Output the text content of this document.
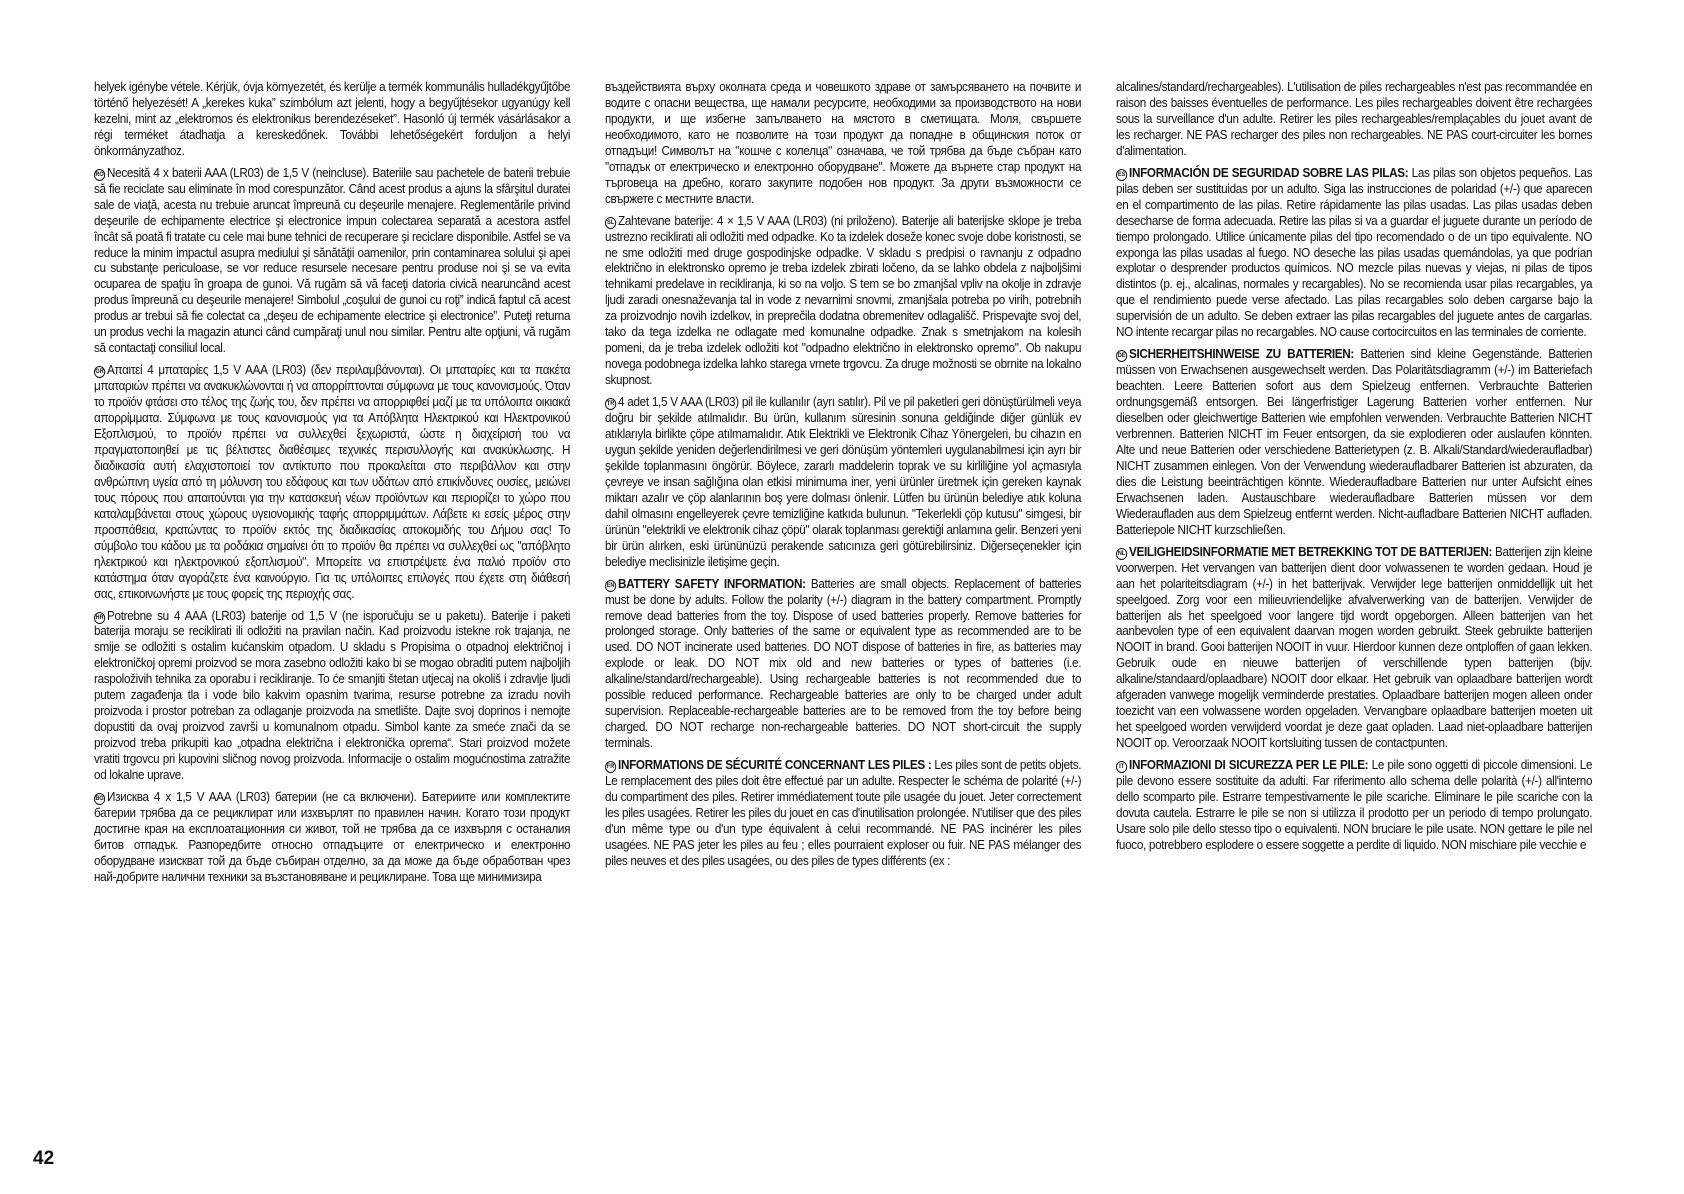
helyek igénybe vétele. Kérjük, óvja környezetét, és kerülje a termék kommunális hulladékgyűjtőbe történő helyezését! A „kerekes kuka” szimbólum azt jelenti, hogy a begyűjtésekor ugyanúgy kell kezelni, mint az „elektromos és elektronikus berendezéseket”. Hasonló új termék vásárlásakor a régi terméket átadhatja a kereskedőnek. További lehetőségekért forduljon a helyi önkormányzathoz.

RO Necesită 4 x baterii AAA (LR03) de 1,5 V (neincluse). Bateriile sau pachetele de baterii trebuie să fie reciclate sau eliminate în mod corespunzător. Când acest produs a ajuns la sfârşitul duratei sale de viaţă, acesta nu trebuie aruncat împreună cu deşeurile menajere. Reglementările privind deşeurile de echipamente electrice şi electronice impun colectarea separată a acestora astfel încât să poată fi tratate cu cele mai bune tehnici de recuperare şi reciclare disponibile. Astfel se va reduce la minim impactul asupra mediului şi sănătăţii oamenilor, prin contaminarea solului şi apei cu substanţe periculoase, se vor reduce resursele necesare pentru produse noi şi se va evita ocuparea de spaţiu în groapa de gunoi. Vă rugăm să vă faceţi datoria civică nearuncând acest produs împreună cu deşeurile menajere! Simbolul „coşului de gunoi cu roţi” indică faptul că acest produs ar trebui să fie colectat ca „deşeu de echipamente electrice şi electronice”. Puteţi returna un produs vechi la magazin atunci când cumpăraţi unul nou similar. Pentru alte opţiuni, vă rugăm să contactaţi consiliul local.

GR Απαιτεί 4 μπαταρίες 1,5 V AAA (LR03) (δεν περιλαμβάνονται). Οι μπαταρίες και τα πακέτα μπαταριών πρέπει να ανακυκλώνονται ή να απορρίπτονται σύμφωνα με τους κανονισμούς. Όταν το προϊόν φτάσει στο τέλος της ζωής του, δεν πρέπει να απορριφθεί μαζί με τα υπόλοιπα οικιακά απορρίμματα. Σύμφωνα με τους κανονισμούς για τα Απόβλητα Ηλεκτρικού και Ηλεκτρονικού Εξοπλισμού, το προϊόν πρέπει να συλλεχθεί ξεχωριστά, ώστε η διαχείρισή του να πραγματοποιηθεί με τις βέλτιστες διαθέσιμες τεχνικές περισυλλογής και ανακύκλωσης. Η διαδικασία αυτή ελαχιστοποιεί τον αντίκτυπο που προκαλείται στο περιβάλλον και στην ανθρώπινη υγεία από τη μόλυνση του εδάφους και των υδάτων από επικίνδυνες ουσίες, μειώνει τους πόρους που απαιτούνται για την κατασκευή νέων προϊόντων και περιορίζει το χώρο που καταλαμβάνεται στους χώρους υγειονομικής ταφής απορριμμάτων. Λάβετε κι εσείς μέρος στην προσπάθεια, κρατώντας το προϊόν εκτός της διαδικασίας αποκομιδής του Δήμου σας! Το σύμβολο του κάδου με τα ροδάκια σημαίνει ότι το προϊόν θα πρέπει να συλλεχθεί ως "απόβλητο ηλεκτρικού και ηλεκτρονικού εξοπλισμού". Μπορείτε να επιστρέψετε ένα παλιό προϊόν στο κατάστημα όταν αγοράζετε ένα καινούργιο. Για τις υπόλοιπες επιλογές που έχετε στη διάθεσή σας, επικοινωνήστε με τους φορείς της περιοχής σας.

HR Potrebne su 4 AAA (LR03) baterije od 1,5 V (ne isporučuju se u paketu). Baterije i paketi baterija moraju se reciklirati ili odložiti na pravilan način. Kad proizvodu istekne rok trajanja, ne smije se odložiti s ostalim kućanskim otpadom. U skladu s Propisima o otpadnoj električnoj i elektroničkoj opremi proizvod se mora zasebno odložiti kako bi se mogao obraditi putem najboljih raspoloživih tehnika za oporabu i recikliranje. To će smanjiti štetan utjecaj na okoliš i zdravlje ljudi putem zagađenja tla i vode bilo kakvim opasnim tvarima, resurse potrebne za izradu novih proizvoda i prostor potreban za odlaganje proizvoda na smetlište. Dajte svoj doprinos i nemojte dopustiti da ovaj proizvod završi u komunalnom otpadu. Simbol kante za smeće znači da se proizvod treba prikupiti kao „otpadna električna i elektronička oprema“. Stari proizvod možete vratiti trgovcu pri kupovini sličnog novog proizvoda. Informacije o ostalim mogućnostima zatražite od lokalne uprave.

BG Изисква 4 x 1,5 V AAA (LR03) батерии (не са включени). Батериите или комплектите батерии трябва да се рециклират или изхвърлят по правилен начин. Когато този продукт достигне края на експлоатационния си живот, той не трябва да се изхвърля с останалия битов отпадък. Разпоредбите относно отпадъците от електрическо и електронно оборудване изискват той да бъде събиран отделно, за да може да бъде обработван чрез най-добрите налични техники за възстановяване и рециклиране. Това ще минимизира

въздействията върху околната среда и човешкото здраве от замърсяването на почвите и водите с опасни вещества, ще намали ресурсите, необходими за производството на нови продукти, и ще избегне запълването на мястото в сметищата. Моля, свършете необходимото, като не позволите на този продукт да попадне в общинския поток от отпадъци! Символът на "кошче с колелца" означава, че той трябва да бъде събран като "отпадък от електрическо и електронно оборудване". Можете да върнете стар продукт на търговеца на дребно, когато закупите подобен нов продукт. За други възможности се свържете с местните власти.

SL Zahtevane baterije: 4 × 1,5 V AAA (LR03) (ni priloženo). Baterije ali baterijske sklope je treba ustrezno reciklirati ali odložiti med odpadke. Ko ta izdelek doseže konec svoje dobe koristnosti, se ne sme odložiti med druge gospodinjske odpadke. V skladu s predpisi o ravnanju z odpadno električno in elektronsko opremo je treba izdelek zbirati ločeno, da se lahko obdela z najboljšimi tehnikami predelave in recikliranja, ki so na voljo. S tem se bo zmanjšal vpliv na okolje in zdravje ljudi zaradi onesnaževanja tal in vode z nevarnimi snovmi, zmanjšala potreba po virih, potrebnih za proizvodnjo novih izdelkov, in preprečila dodatna obremenitev odlagališč. Prispevajte svoj del, tako da tega izdelka ne odlagate med komunalne odpadke. Znak s smetnjakom na kolesih pomeni, da je treba izdelek odložiti kot "odpadno električno in elektronsko opremo". Ob nakupu novega podobnega izdelka lahko starega vrnete trgovcu. Za druge možnosti se obrnite na lokalno skupnost.

TR 4 adet 1,5 V AAA (LR03) pil ile kullanılır (ayrı satılır). Pil ve pil paketleri geri dönüştürülmeli veya doğru bir şekilde atılmalıdır. Bu ürün, kullanım süresinin sonuna geldiğinde diğer günlük ev atıklarıyla birlikte çöpe atılmamalıdır. Atık Elektrikli ve Elektronik Cihaz Yönergeleri, bu cihazın en uygun şekilde yeniden değerlendirilmesi ve geri dönüşüm yöntemleri uygulanabilmesi için ayrı bir şekilde toplanmasını öngörür. Böylece, zararlı maddelerin toprak ve su kirliliğine yol açmasıyla çevreye ve insan sağlığına olan etkisi minimuma iner, yeni ürünler üretmek için gereken kaynak miktarı azalır ve çöp alanlarının boş yere dolması önlenir. Lütfen bu ürünün belediye atık koluna dahil olmasını engelleyerek çevre temizliğine katkıda bulunun. "Tekerlekli çöp kutusu" simgesi, bir ürünün "elektrikli ve elektronik cihaz çöpü" olarak toplanması gerektiği anlamına gelir. Benzeri yeni bir ürün alırken, eski ürününüzü perakende satıcınıza geri götürebilirsiniz. Diğerseçenekler için belediye meclisinizle iletişime geçin.

EN BATTERY SAFETY INFORMATION: Batteries are small objects. Replacement of batteries must be done by adults. Follow the polarity (+/-) diagram in the battery compartment. Promptly remove dead batteries from the toy. Dispose of used batteries properly. Remove batteries for prolonged storage. Only batteries of the same or equivalent type as recommended are to be used. DO NOT incinerate used batteries. DO NOT dispose of batteries in fire, as batteries may explode or leak. DO NOT mix old and new batteries or types of batteries (i.e. alkaline/standard/rechargeable). Using rechargeable batteries is not recommended due to possible reduced performance. Rechargeable batteries are only to be charged under adult supervision. Replaceable-rechargeable batteries are to be removed from the toy before being charged. DO NOT recharge non-rechargeable batteries. DO NOT short-circuit the supply terminals.

FR INFORMATIONS DE SÉCURITÉ CONCERNANT LES PILES : Les piles sont de petits objets. Le remplacement des piles doit être effectué par un adulte. Respecter le schéma de polarité (+/-) du compartiment des piles. Retirer immédiatement toute pile usagée du jouet. Jeter correctement les piles usagées. Retirer les piles du jouet en cas d'inutilisation prolongée. N'utiliser que des piles d'un même type ou d'un type équivalent à celui recommandé. NE PAS incinérer les piles usagées. NE PAS jeter les piles au feu ; elles pourraient exploser ou fuir. NE PAS mélanger des piles neuves et des piles usagées, ou des piles de types différents (ex :

alcalines/standard/rechargeables). L'utilisation de piles rechargeables n'est pas recommandée en raison des baisses éventuelles de performance. Les piles rechargeables doivent être rechargées sous la surveillance d'un adulte. Retirer les piles rechargeables/remplaçables du jouet avant de les recharger. NE PAS recharger des piles non rechargeables. NE PAS court-circuiter les bornes d'alimentation.

ES INFORMACIÓN DE SEGURIDAD SOBRE LAS PILAS: Las pilas son objetos pequeños. Las pilas deben ser sustituidas por un adulto. Siga las instrucciones de polaridad (+/-) que aparecen en el compartimento de las pilas. Retire rápidamente las pilas usadas. Las pilas usadas deben desecharse de forma adecuada. Retire las pilas si va a guardar el juguete durante un período de tiempo prolongado. Utilice únicamente pilas del tipo recomendado o de un tipo equivalente. NO exponga las pilas usadas al fuego. NO deseche las pilas usadas quemándolas, ya que podrían explotar o desprender productos químicos. NO mezcle pilas nuevas y viejas, ni pilas de tipos distintos (p. ej., alcalinas, normales y recargables). No se recomienda usar pilas recargables, ya que el rendimiento puede verse afectado. Las pilas recargables solo deben cargarse bajo la supervisión de un adulto. Se deben extraer las pilas recargables del juguete antes de cargarlas. NO intente recargar pilas no recargables. NO cause cortocircuitos en las terminales de corriente.

DE SICHERHEITSHINWEISE ZU BATTERIEN: Batterien sind kleine Gegenstände. Batterien müssen von Erwachsenen ausgewechselt werden. Das Polaritätsdiagramm (+/-) im Batteriefach beachten. Leere Batterien sofort aus dem Spielzeug entfernen. Verbrauchte Batterien ordnungsgemäß entsorgen. Bei längerfristiger Lagerung Batterien vorher entfernen. Nur dieselben oder gleichwertige Batterien wie empfohlen verwenden. Verbrauchte Batterien NICHT verbrennen. Batterien NICHT im Feuer entsorgen, da sie explodieren oder auslaufen könnten. Alte und neue Batterien oder verschiedene Batterietypen (z. B. Alkali/Standard/wiederaufladbar) NICHT zusammen einlegen. Von der Verwendung wiederaufladbarer Batterien ist abzuraten, da dies die Leistung beeinträchtigen könnte. Wiederaufladbare Batterien nur unter Aufsicht eines Erwachsenen laden. Austauschbare wiederaufladbare Batterien müssen vor dem Wiederaufladen aus dem Spielzeug entfernt werden. Nicht-aufladbare Batterien NICHT aufladen. Batteriepole NICHT kurzschließen.

NL VEILIGHEIDSINFORMATIE MET BETREKKING TOT DE BATTERIJEN: Batterijen zijn kleine voorwerpen. Het vervangen van batterijen dient door volwassenen te worden gedaan. Houd je aan het polariteitsdiagram (+/-) in het batterijvak. Verwijder lege batterijen onmiddellijk uit het speelgoed. Zorg voor een milieuvriendelijke afvalverwerking van de batterijen. Verwijder de batterijen als het speelgoed voor langere tijd wordt opgeborgen. Alleen batterijen van het aanbevolen type of een equivalent daarvan mogen worden gebruikt. Steek gebruikte batterijen NOOIT in brand. Gooi batterijen NOOIT in vuur. Hierdoor kunnen deze ontploffen of gaan lekken. Gebruik oude en nieuwe batterijen of verschillende typen batterijen (bijv. alkaline/standaard/oplaadbare) NOOIT door elkaar. Het gebruik van oplaadbare batterijen wordt afgeraden vanwege mogelijk verminderde prestaties. Oplaadbare batterijen mogen alleen onder toezicht van een volwassene worden opgeladen. Vervangbare oplaadbare batterijen moeten uit het speelgoed worden verwijderd voordat je deze gaat opladen. Laad niet-oplaadbare batterijen NOOIT op. Veroorzaak NOOIT kortsluiting tussen de contactpunten.

IT INFORMAZIONI DI SICUREZZA PER LE PILE: Le pile sono oggetti di piccole dimensioni. Le pile devono essere sostituite da adulti. Far riferimento allo schema delle polarità (+/-) all'interno dello scomparto pile. Estrarre tempestivamente le pile scariche. Eliminare le pile scariche con la dovuta cautela. Estrarre le pile se non si utilizza il prodotto per un periodo di tempo prolungato. Usare solo pile dello stesso tipo o equivalenti. NON bruciare le pile usate. NON gettare le pile nel fuoco, potrebbero esplodere o essere soggette a perdite di liquido. NON mischiare pile vecchie e

42
